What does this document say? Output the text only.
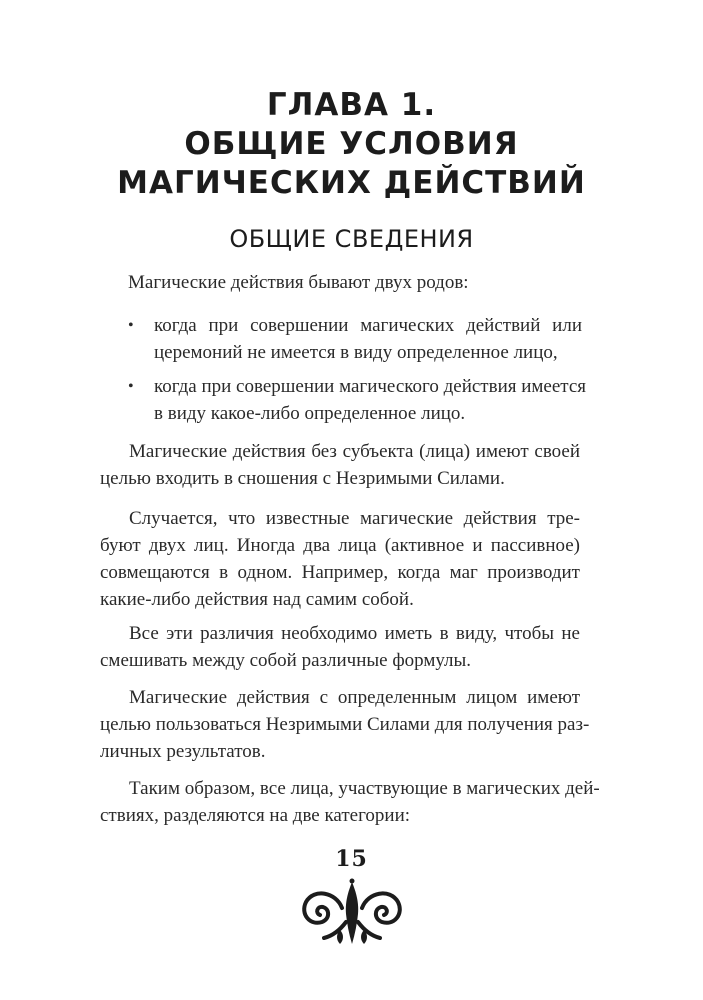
ГЛАВА 1.
ОБЩИЕ УСЛОВИЯ
МАГИЧЕСКИХ ДЕЙСТВИЙ
ОБЩИЕ СВЕДЕНИЯ
Магические действия бывают двух родов:
•	когда при совершении магических действий или
церемоний не имеется в виду определенное лицо,
•	когда при совершении магического действия имеется
в виду какое-либо определенное лицо.
Магические действия без субъекта (лица) имеют своей
целью входить в сношения с Незримыми Силами.
Случается, что известные магические действия тре-
буют двух лиц. Иногда два лица (активное и пассивное)
совмещаются в одном. Например, когда маг производит
какие-либо действия над самим собой.
Все эти различия необходимо иметь в виду, чтобы не
смешивать между собой различные формулы.
Магические действия с определенным лицом имеют
целью пользоваться Незримыми Силами для получения раз-
личных результатов.
Таким образом, все лица, участвующие в магических дей-
ствиях, разделяются на две категории:
15
